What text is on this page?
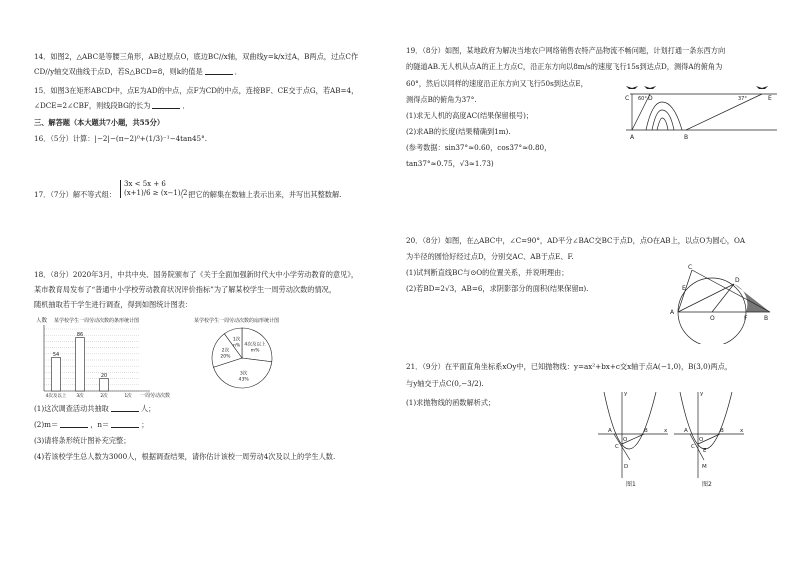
14．如图2，△ABC是等腰三角形，AB过原点O，底边BC//x轴，双曲线y=k/x过A，B两点，过点C作
CD//y轴交双曲线于点D，若S△BCD=8，则k的值是	．
15．如图3在矩形ABCD中，点E为AD的中点，点F为CD的中点，连接BF、CE交于点G，若AB=4，
∠DCE=2∠CBF，则线段BG的长为	．
三、解答题（本大题共7小题，共55分）
16．（5分）计算：|−2|−(π−2)⁰+(1/3)⁻¹−4tan45°.
17．（7分）解不等式组：
3x < 5x + 6
(x+1)/6 ≥ (x−1)/2
，把它的解集在数轴上表示出来，并写出其整数解.
18．（8分）2020年3月，中共中央、国务院颁布了《关于全面加强新时代大中小学劳动教育的意见》，
某市教育局发布了“普通中小学校劳动教育状况评价指标”为了解某校学生一周劳动次数的情况，
随机抽取若干学生进行调查，得到如图统计图表：
某学校学生一周劳动次数的条形统计图
人数
54
4次及以上
86
3次
20
2次	1次 一周劳动次数
某学校学生一周劳动次数的扇形统计图
4次及以上
m%
3次
43%
2次
20%
1次
n%
(1)这次调查活动共抽取	人；
(2)m＝	，n＝	；
(3)请将条形统计图补充完整；
(4)若该校学生总人数为3000人，根据调查结果，请你估计该校一周劳动4次及以上的学生人数.
19．（8分）如图，某地政府为解决当地农户网络销售农特产品物流不畅问题，计划打通一条东西方向
的隧道AB.无人机从点A的正上方点C，沿正东方向以8m/s的速度飞行15s到达点D，测得A的俯角为
60°，然后以同样的速度沿正东方向又飞行50s到达点E，
测得点B的俯角为37°.
(1)求无人机的高度AC(结果保留根号)；
(2)求AB的长度(结果精确到1m).
(参考数据：sin37°≈0.60，cos37°≈0.80，
tan37°≈0.75，√3≈1.73)
C	D	E
A	B
60°	37°
20．（8分）如图，在△ABC中，∠C=90°，AD平分∠BAC交BC于点D，点O在AB上，以点O为圆心，OA
为半径的圆恰好经过点D，分别交AC、AB于点E、F.
(1)试判断直线BC与⊙O的位置关系，并说明理由；
(2)若BD=2√3，AB=6，求阴影部分的面积(结果保留π).
A
B
C
D
E
F
O
21．（9分）在平面直角坐标系xOy中，已知抛物线：y=ax²+bx+c交x轴于点A(−1,0)，B(3,0)两点，
与y轴交于点C(0,−3/2).
(1)求抛物线的函数解析式；
y
x
A
O
B
C
D
y
x
A
O
B
C
E
M
图1	图2
